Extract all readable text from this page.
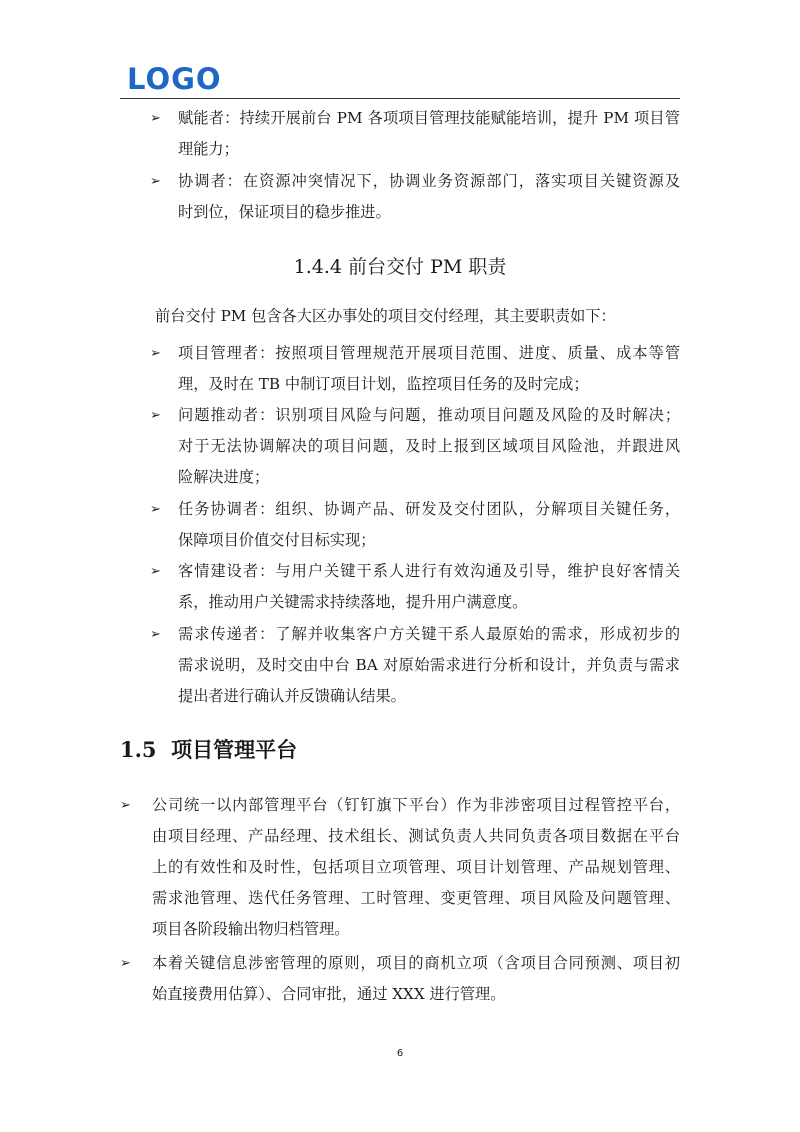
LOGO
➢ 赋能者：持续开展前台 PM 各项项目管理技能赋能培训，提升 PM 项目管
理能力；
➢ 协调者：在资源冲突情况下，协调业务资源部门，落实项目关键资源及
时到位，保证项目的稳步推进。
1.4.4 前台交付 PM 职责
前台交付 PM 包含各大区办事处的项目交付经理，其主要职责如下：
➢ 项目管理者：按照项目管理规范开展项目范围、进度、质量、成本等管
理，及时在 TB 中制订项目计划，监控项目任务的及时完成；
➢ 问题推动者：识别项目风险与问题，推动项目问题及风险的及时解决；
对于无法协调解决的项目问题，及时上报到区域项目风险池，并跟进风
险解决进度；
➢ 任务协调者：组织、协调产品、研发及交付团队，分解项目关键任务，
保障项目价值交付目标实现；
➢ 客情建设者：与用户关键干系人进行有效沟通及引导，维护良好客情关
系，推动用户关键需求持续落地，提升用户满意度。
➢ 需求传递者：了解并收集客户方关键干系人最原始的需求，形成初步的
需求说明，及时交由中台 BA 对原始需求进行分析和设计，并负责与需求
提出者进行确认并反馈确认结果。
1.5  项目管理平台
➢ 公司统一以内部管理平台（钉钉旗下平台）作为非涉密项目过程管控平台，
由项目经理、产品经理、技术组长、测试负责人共同负责各项目数据在平台
上的有效性和及时性，包括项目立项管理、项目计划管理、产品规划管理、
需求池管理、迭代任务管理、工时管理、变更管理、项目风险及问题管理、
项目各阶段输出物归档管理。
➢ 本着关键信息涉密管理的原则，项目的商机立项（含项目合同预测、项目初
始直接费用估算）、合同审批，通过 XXX 进行管理。
6
